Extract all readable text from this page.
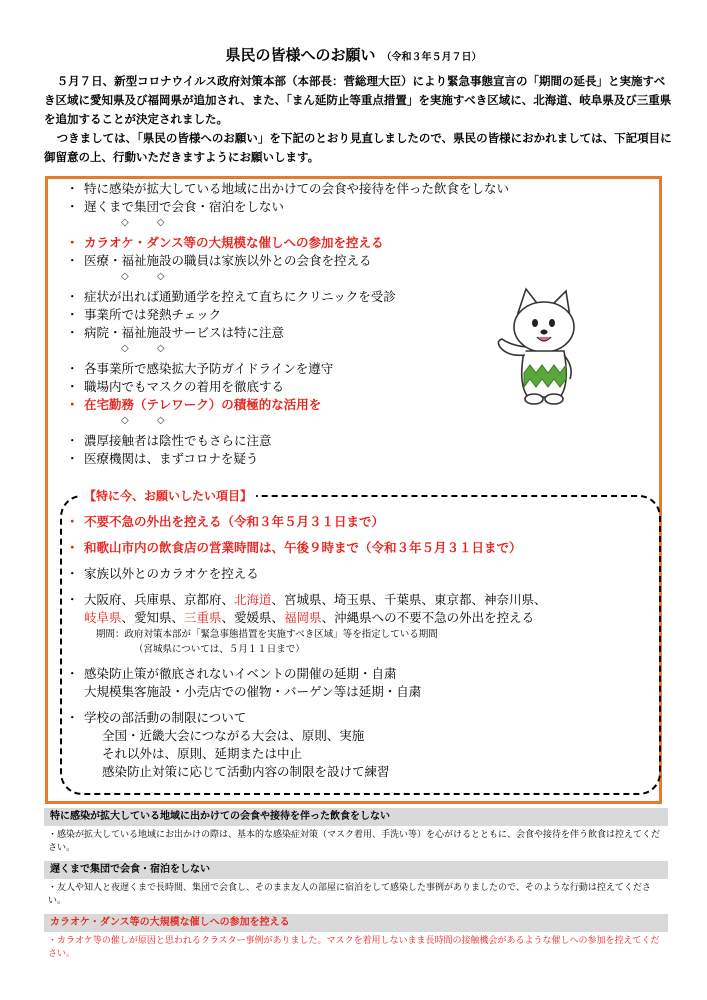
県民の皆様へのお願い （令和３年５月７日）

５月７日、新型コロナウイルス政府対策本部（本部長：菅総理大臣）により緊急事態宣言の「期間の延長」と実施すべき区域に愛知県及び福岡県が追加され、また、「まん延防止等重点措置」を実施すべき区域に、北海道、岐阜県及び三重県を追加することが決定されました。

つきましては、「県民の皆様へのお願い」を下記のとおり見直しましたので、県民の皆様におかれましては、下記項目に御留意の上、行動いただきますようにお願いします。

・ 特に感染が拡大している地域に出かけての会食や接待を伴った飲食をしない
・ 遅くまで集団で会食・宿泊をしない
◇◇
・ カラオケ・ダンス等の大規模な催しへの参加を控える
・ 医療・福祉施設の職員は家族以外との会食を控える
◇◇
・ 症状が出れば通勤通学を控えて直ちにクリニックを受診
・ 事業所では発熱チェック
・ 病院・福祉施設サービスは特に注意
◇◇
・ 各事業所で感染拡大予防ガイドラインを遵守
・ 職場内でもマスクの着用を徹底する
・ 在宅勤務（テレワーク）の積極的な活用を
◇◇
・ 濃厚接触者は陰性でもさらに注意
・ 医療機関は、まずコロナを疑う
【特に今、お願いしたい項目】
・ 不要不急の外出を控える（令和３年５月３１日まで）
・ 和歌山市内の飲食店の営業時間は、午後９時まで（令和３年５月３１日まで）
・ 家族以外とのカラオケを控える
・ 大阪府、兵庫県、京都府、北海道、宮城県、埼玉県、千葉県、東京都、神奈川県、
岐阜県、愛知県、三重県、愛媛県、福岡県、沖縄県への不要不急の外出を控える
期間：政府対策本部が「緊急事態措置を実施すべき区域」等を指定している期間
（宮城県については、５月１１日まで）
・ 感染防止策が徹底されないイベントの開催の延期・自粛
大規模集客施設・小売店での催物・バーゲン等は延期・自粛
・ 学校の部活動の制限について
全国・近畿大会につながる大会は、原則、実施
それ以外は、原則、延期または中止
感染防止対策に応じて活動内容の制限を設けて練習
特に感染が拡大している地域に出かけての会食や接待を伴った飲食をしない
・感染が拡大している地域にお出かけの際は、基本的な感染症対策（マスク着用、手洗い等）を心がけるとともに、会食や接待を伴う飲食は控えてください。
遅くまで集団で会食・宿泊をしない
・友人や知人と夜遅くまで長時間、集団で会食し、そのまま友人の部屋に宿泊をして感染した事例がありましたので、そのような行動は控えてください。
カラオケ・ダンス等の大規模な催しへの参加を控える
・カラオケ等の催しが原因と思われるクラスター事例がありました。マスクを着用しないまま長時間の接触機会があるような催しへの参加を控えてください。
